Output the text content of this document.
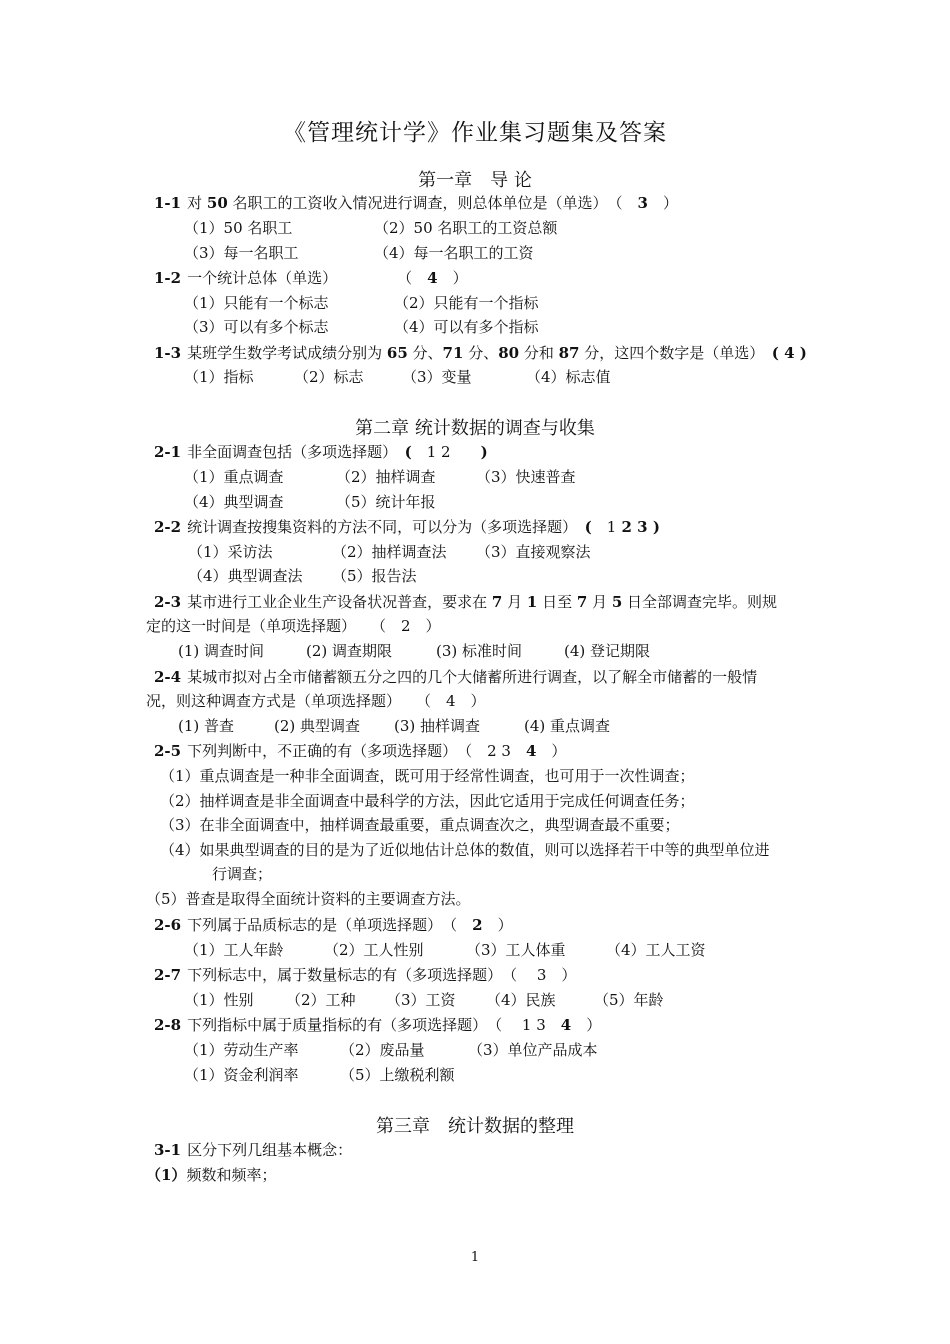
《管理统计学》作业集习题集及答案
第一章　导 论
1-1 对 50 名职工的工资收入情况进行调查，则总体单位是（单选）　（　3　）
（1）50 名职工	（2）50 名职工的工资总额
（3）每一名职工	（4）每一名职工的工资
1-2 一个统计总体（单选）　　　　　（　4　）
（1）只能有一个标志	（2）只能有一个指标
（3）可以有多个标志	（4）可以有多个指标
1-3 某班学生数学考试成绩分别为 65 分、71 分、80 分和 87 分，这四个数字是（单选）　( 4 )
（1）指标	（2）标志	（3）变量	（4）标志值
第二章 统计数据的调查与收集
2-1 非全面调查包括（多项选择题）　(　1 2　　)
（1）重点调查	（2）抽样调查	（3）快速普查
（4）典型调查	（5）统计年报
2-2 统计调查按搜集资料的方法不同，可以分为（多项选择题）　(　1 2 3 )
（1）采访法	（2）抽样调查法 （3）直接观察法
（4）典型调查法 （5）报告法
2-3 某市进行工业企业生产设备状况普查，要求在 7 月 1 日至 7 月 5 日全部调查完毕。则规
定的这一时间是（单项选择题）　　（　2　）
(1) 调查时间	(2) 调查期限	(3) 标准时间	(4) 登记期限
2-4 某城市拟对占全市储蓄额五分之四的几个大储蓄所进行调查，以了解全市储蓄的一般情
况，则这种调查方式是（单项选择题）　　（　4　）
(1) 普查	(2) 典型调查 (3) 抽样调查	(4) 重点调查
2-5 下列判断中，不正确的有（多项选择题）　（　2 3　4　）
（1）重点调查是一种非全面调查，既可用于经常性调查，也可用于一次性调查；
（2）抽样调查是非全面调查中最科学的方法，因此它适用于完成任何调查任务；
（3）在非全面调查中，抽样调查最重要，重点调查次之，典型调查最不重要；
（4）如果典型调查的目的是为了近似地估计总体的数值，则可以选择若干中等的典型单位进
行调查；
（5）普查是取得全面统计资料的主要调查方法。
2-6 下列属于品质标志的是（单项选择题）　（　2　）
（1）工人年龄	（2）工人性别	（3）工人体重	（4）工人工资
2-7 下列标志中，属于数量标志的有（多项选择题）　（　 3　）
（1）性别 （2）工种 （3）工资 （4）民族	（5）年龄
2-8 下列指标中属于质量指标的有（多项选择题）　（　 1 3　4　）
（1）劳动生产率	（2）废品量	（3）单位产品成本
（1）资金利润率	（5）上缴税利额
第三章　统计数据的整理
3-1 区分下列几组基本概念：
（1）频数和频率；
1
